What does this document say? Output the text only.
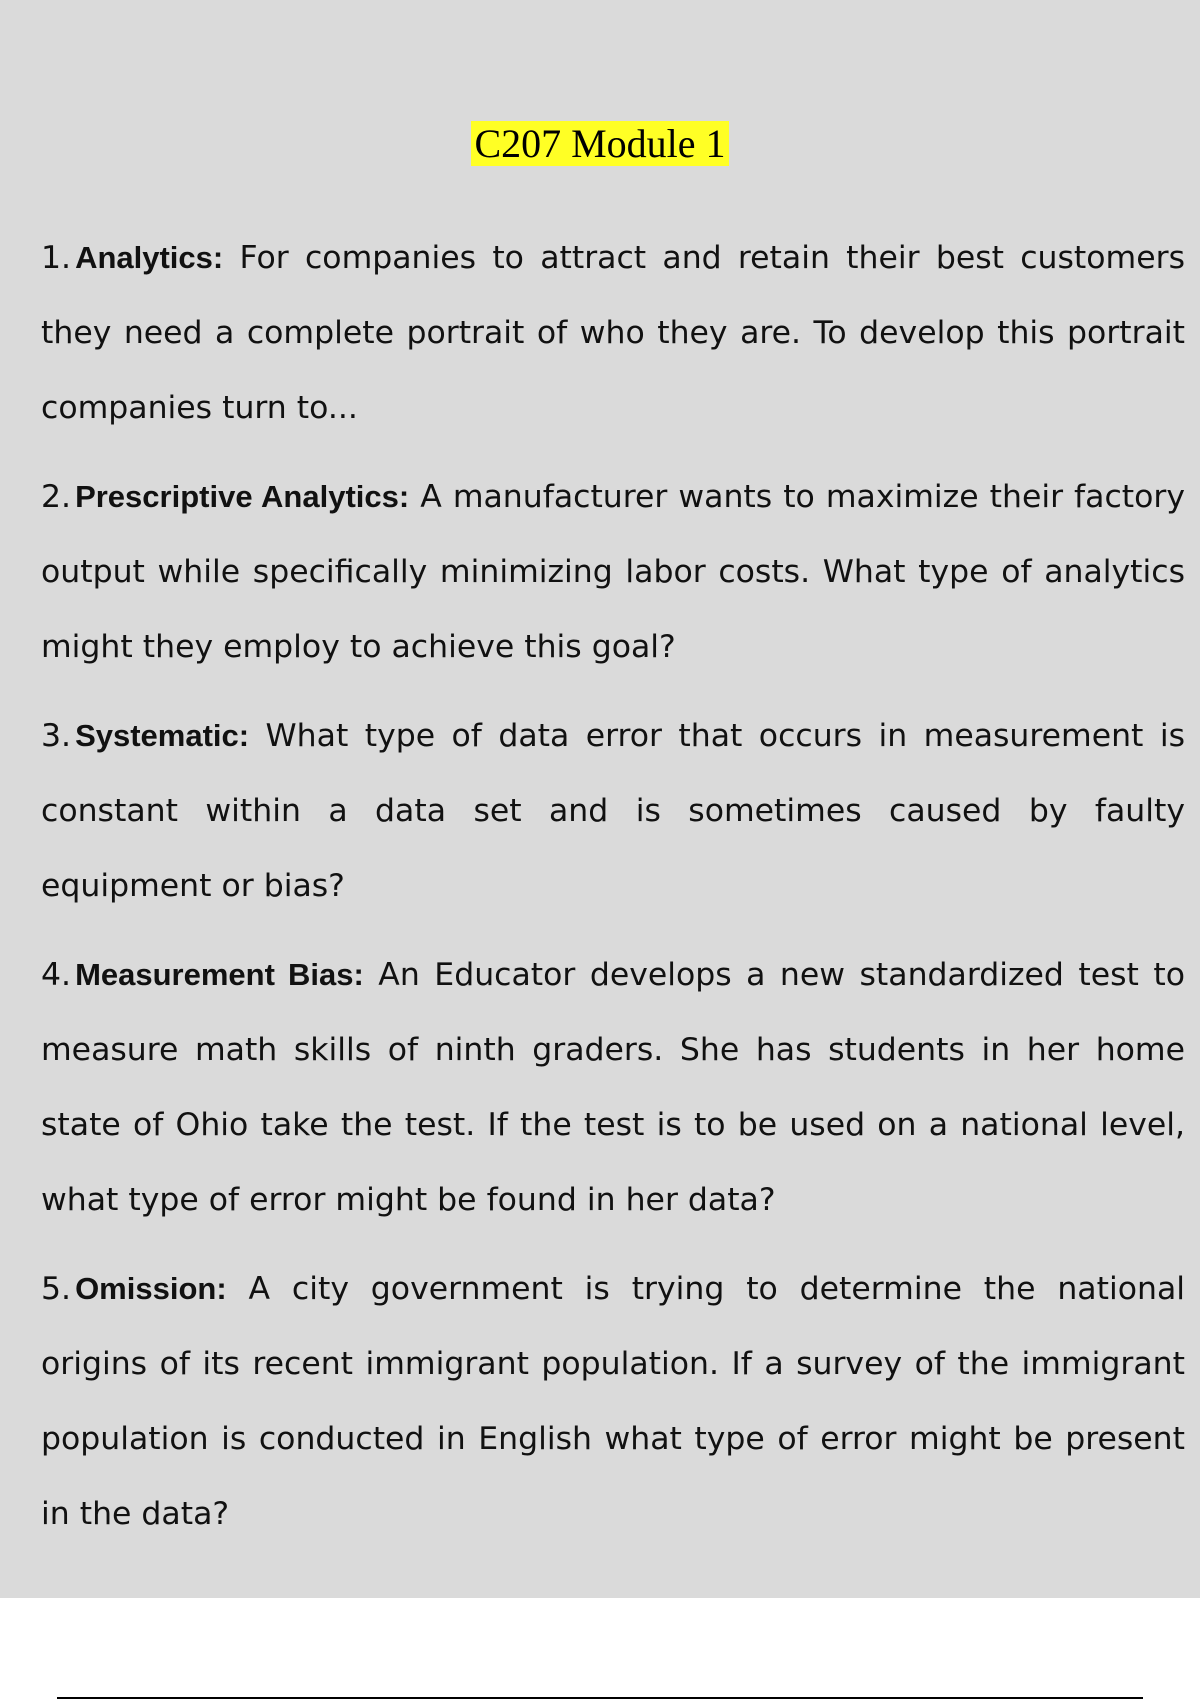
C207 Module 1
1. Analytics: For companies to attract and retain their best customers they need a complete portrait of who they are. To develop this portrait companies turn to...
2. Prescriptive Analytics: A manufacturer wants to maximize their factory output while specifically minimizing labor costs. What type of analytics might they employ to achieve this goal?
3. Systematic: What type of data error that occurs in measurement is constant within a data set and is sometimes caused by faulty equipment or bias?
4. Measurement Bias: An Educator develops a new standardized test to measure math skills of ninth graders. She has students in her home state of Ohio take the test. If the test is to be used on a national level, what type of error might be found in her data?
5. Omission: A city government is trying to determine the national origins of its recent immigrant population. If a survey of the immigrant population is conducted in English what type of error might be present in the data?
